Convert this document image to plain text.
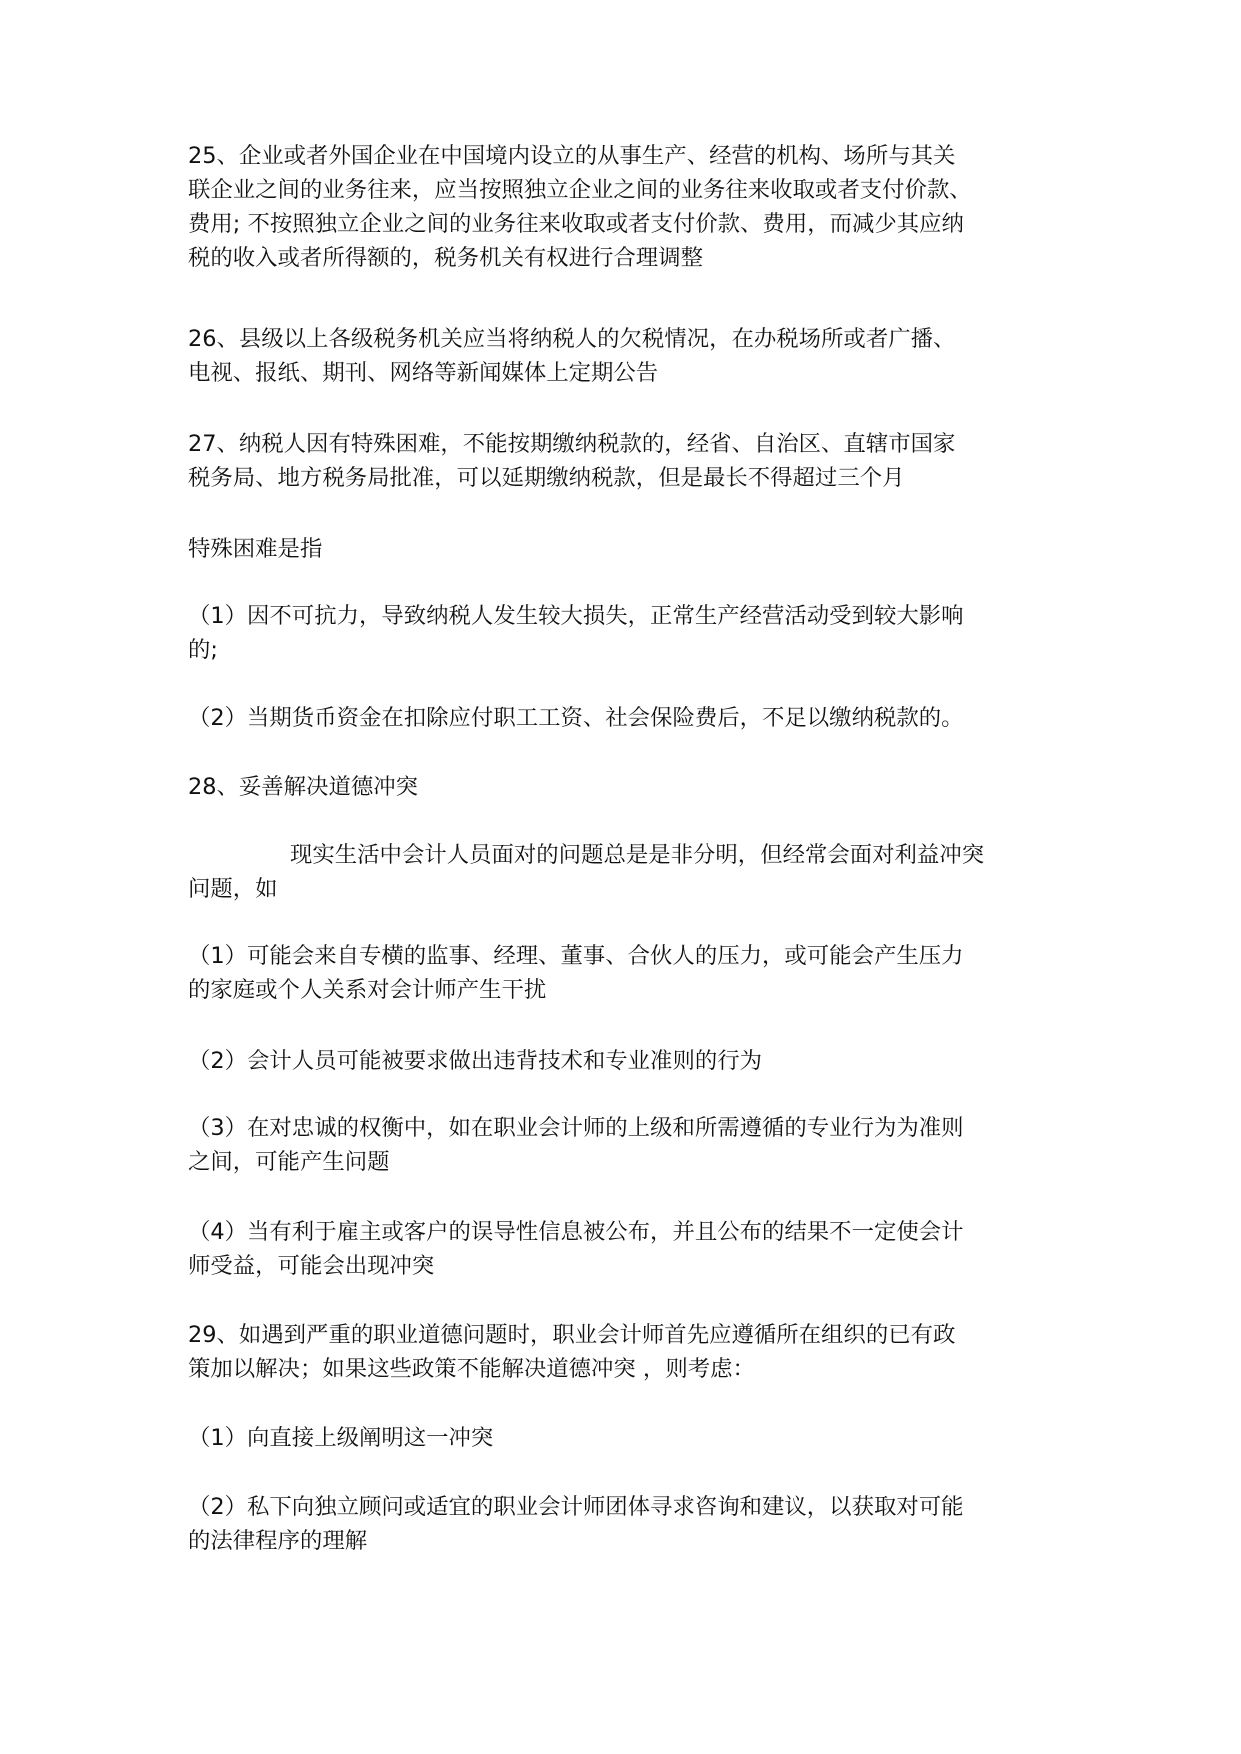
25、企业或者外国企业在中国境内设立的从事生产、经营的机构、场所与其关

联企业之间的业务往来，应当按照独立企业之间的业务往来收取或者支付价款、

费用; 不按照独立企业之间的业务往来收取或者支付价款、费用，而减少其应纳

税的收入或者所得额的，税务机关有权进行合理调整

26、县级以上各级税务机关应当将纳税人的欠税情况，在办税场所或者广播、

电视、报纸、期刊、网络等新闻媒体上定期公告

27、纳税人因有特殊困难，不能按期缴纳税款的，经省、自治区、直辖市国家

税务局、地方税务局批准，可以延期缴纳税款，但是最长不得超过三个月

特殊困难是指

（1）因不可抗力，导致纳税人发生较大损失，正常生产经营活动受到较大影响

的;

（2）当期货币资金在扣除应付职工工资、社会保险费后，不足以缴纳税款的。

28、妥善解决道德冲突

现实生活中会计人员面对的问题总是是非分明，但经常会面对利益冲突

问题，如

（1）可能会来自专横的监事、经理、董事、合伙人的压力，或可能会产生压力

的家庭或个人关系对会计师产生干扰

（2）会计人员可能被要求做出违背技术和专业准则的行为

（3）在对忠诚的权衡中，如在职业会计师的上级和所需遵循的专业行为为准则

之间，可能产生问题

（4）当有利于雇主或客户的误导性信息被公布，并且公布的结果不一定使会计

师受益，可能会出现冲突

29、如遇到严重的职业道德问题时，职业会计师首先应遵循所在组织的已有政

策加以解决；如果这些政策不能解决道德冲突 ，则考虑：

（1）向直接上级阐明这一冲突

（2）私下向独立顾问或适宜的职业会计师团体寻求咨询和建议，以获取对可能

的法律程序的理解
